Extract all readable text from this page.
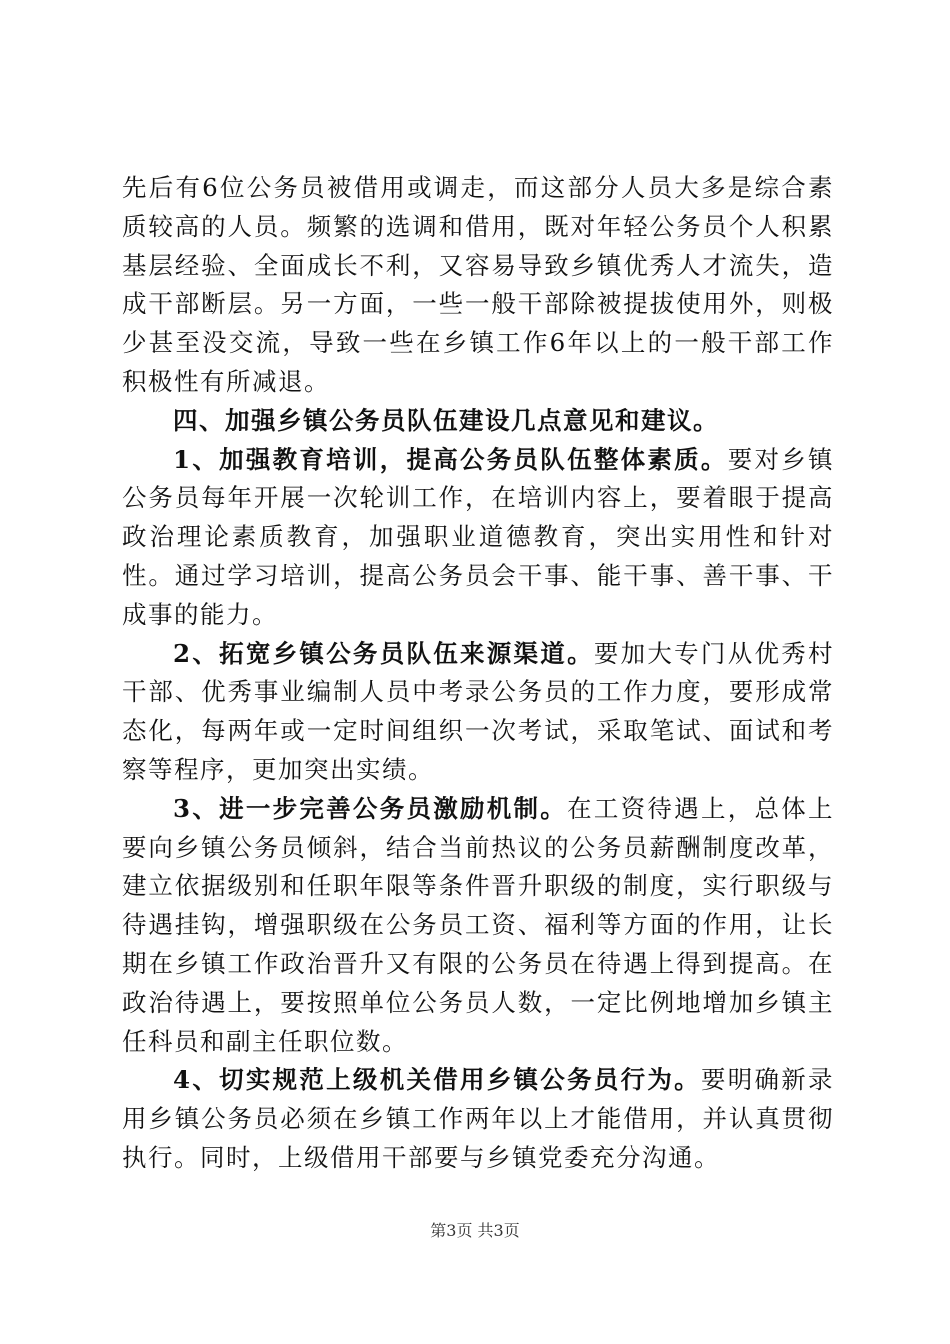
先后有6位公务员被借用或调走，而这部分人员大多是综合素质较高的人员。频繁的选调和借用，既对年轻公务员个人积累基层经验、全面成长不利，又容易导致乡镇优秀人才流失，造成干部断层。另一方面，一些一般干部除被提拔使用外，则极少甚至没交流，导致一些在乡镇工作6年以上的一般干部工作积极性有所减退。

四、加强乡镇公务员队伍建设几点意见和建议。

1、加强教育培训，提高公务员队伍整体素质。要对乡镇公务员每年开展一次轮训工作，在培训内容上，要着眼于提高政治理论素质教育，加强职业道德教育，突出实用性和针对性。通过学习培训，提高公务员会干事、能干事、善干事、干成事的能力。

2、拓宽乡镇公务员队伍来源渠道。要加大专门从优秀村干部、优秀事业编制人员中考录公务员的工作力度，要形成常态化，每两年或一定时间组织一次考试，采取笔试、面试和考察等程序，更加突出实绩。

3、进一步完善公务员激励机制。在工资待遇上，总体上要向乡镇公务员倾斜，结合当前热议的公务员薪酬制度改革，建立依据级别和任职年限等条件晋升职级的制度，实行职级与待遇挂钩，增强职级在公务员工资、福利等方面的作用，让长期在乡镇工作政治晋升又有限的公务员在待遇上得到提高。在政治待遇上，要按照单位公务员人数，一定比例地增加乡镇主任科员和副主任职位数。

4、切实规范上级机关借用乡镇公务员行为。要明确新录用乡镇公务员必须在乡镇工作两年以上才能借用，并认真贯彻执行。同时，上级借用干部要与乡镇党委充分沟通。

第3页 共3页
